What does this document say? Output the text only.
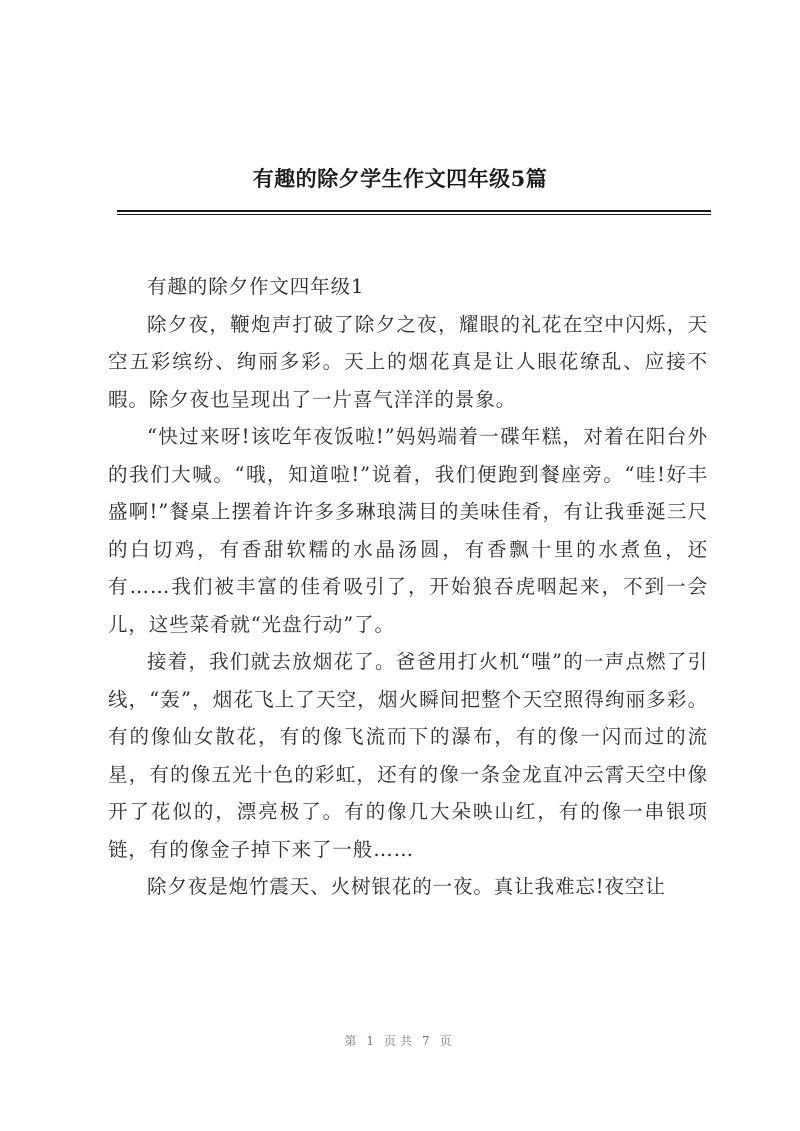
有趣的除夕学生作文四年级5篇

有趣的除夕作文四年级1

除夕夜，鞭炮声打破了除夕之夜，耀眼的礼花在空中闪烁，天空五彩缤纷、绚丽多彩。天上的烟花真是让人眼花缭乱、应接不暇。除夕夜也呈现出了一片喜气洋洋的景象。

“快过来呀!该吃年夜饭啦!”妈妈端着一碟年糕，对着在阳台外的我们大喊。“哦，知道啦!”说着，我们便跑到餐座旁。“哇!好丰盛啊!”餐桌上摆着许许多多琳琅满目的美味佳肴，有让我垂涎三尺的白切鸡，有香甜软糯的水晶汤圆，有香飘十里的水煮鱼，还有……我们被丰富的佳肴吸引了，开始狼吞虎咽起来，不到一会儿，这些菜肴就“光盘行动”了。

接着，我们就去放烟花了。爸爸用打火机“嗤”的一声点燃了引线，“轰”，烟花飞上了天空，烟火瞬间把整个天空照得绚丽多彩。有的像仙女散花，有的像飞流而下的瀑布，有的像一闪而过的流星，有的像五光十色的彩虹，还有的像一条金龙直冲云霄天空中像开了花似的，漂亮极了。有的像几大朵映山红，有的像一串银项链，有的像金子掉下来了一般……

除夕夜是炮竹震天、火树银花的一夜。真让我难忘!夜空让

第 1 页共 7 页
